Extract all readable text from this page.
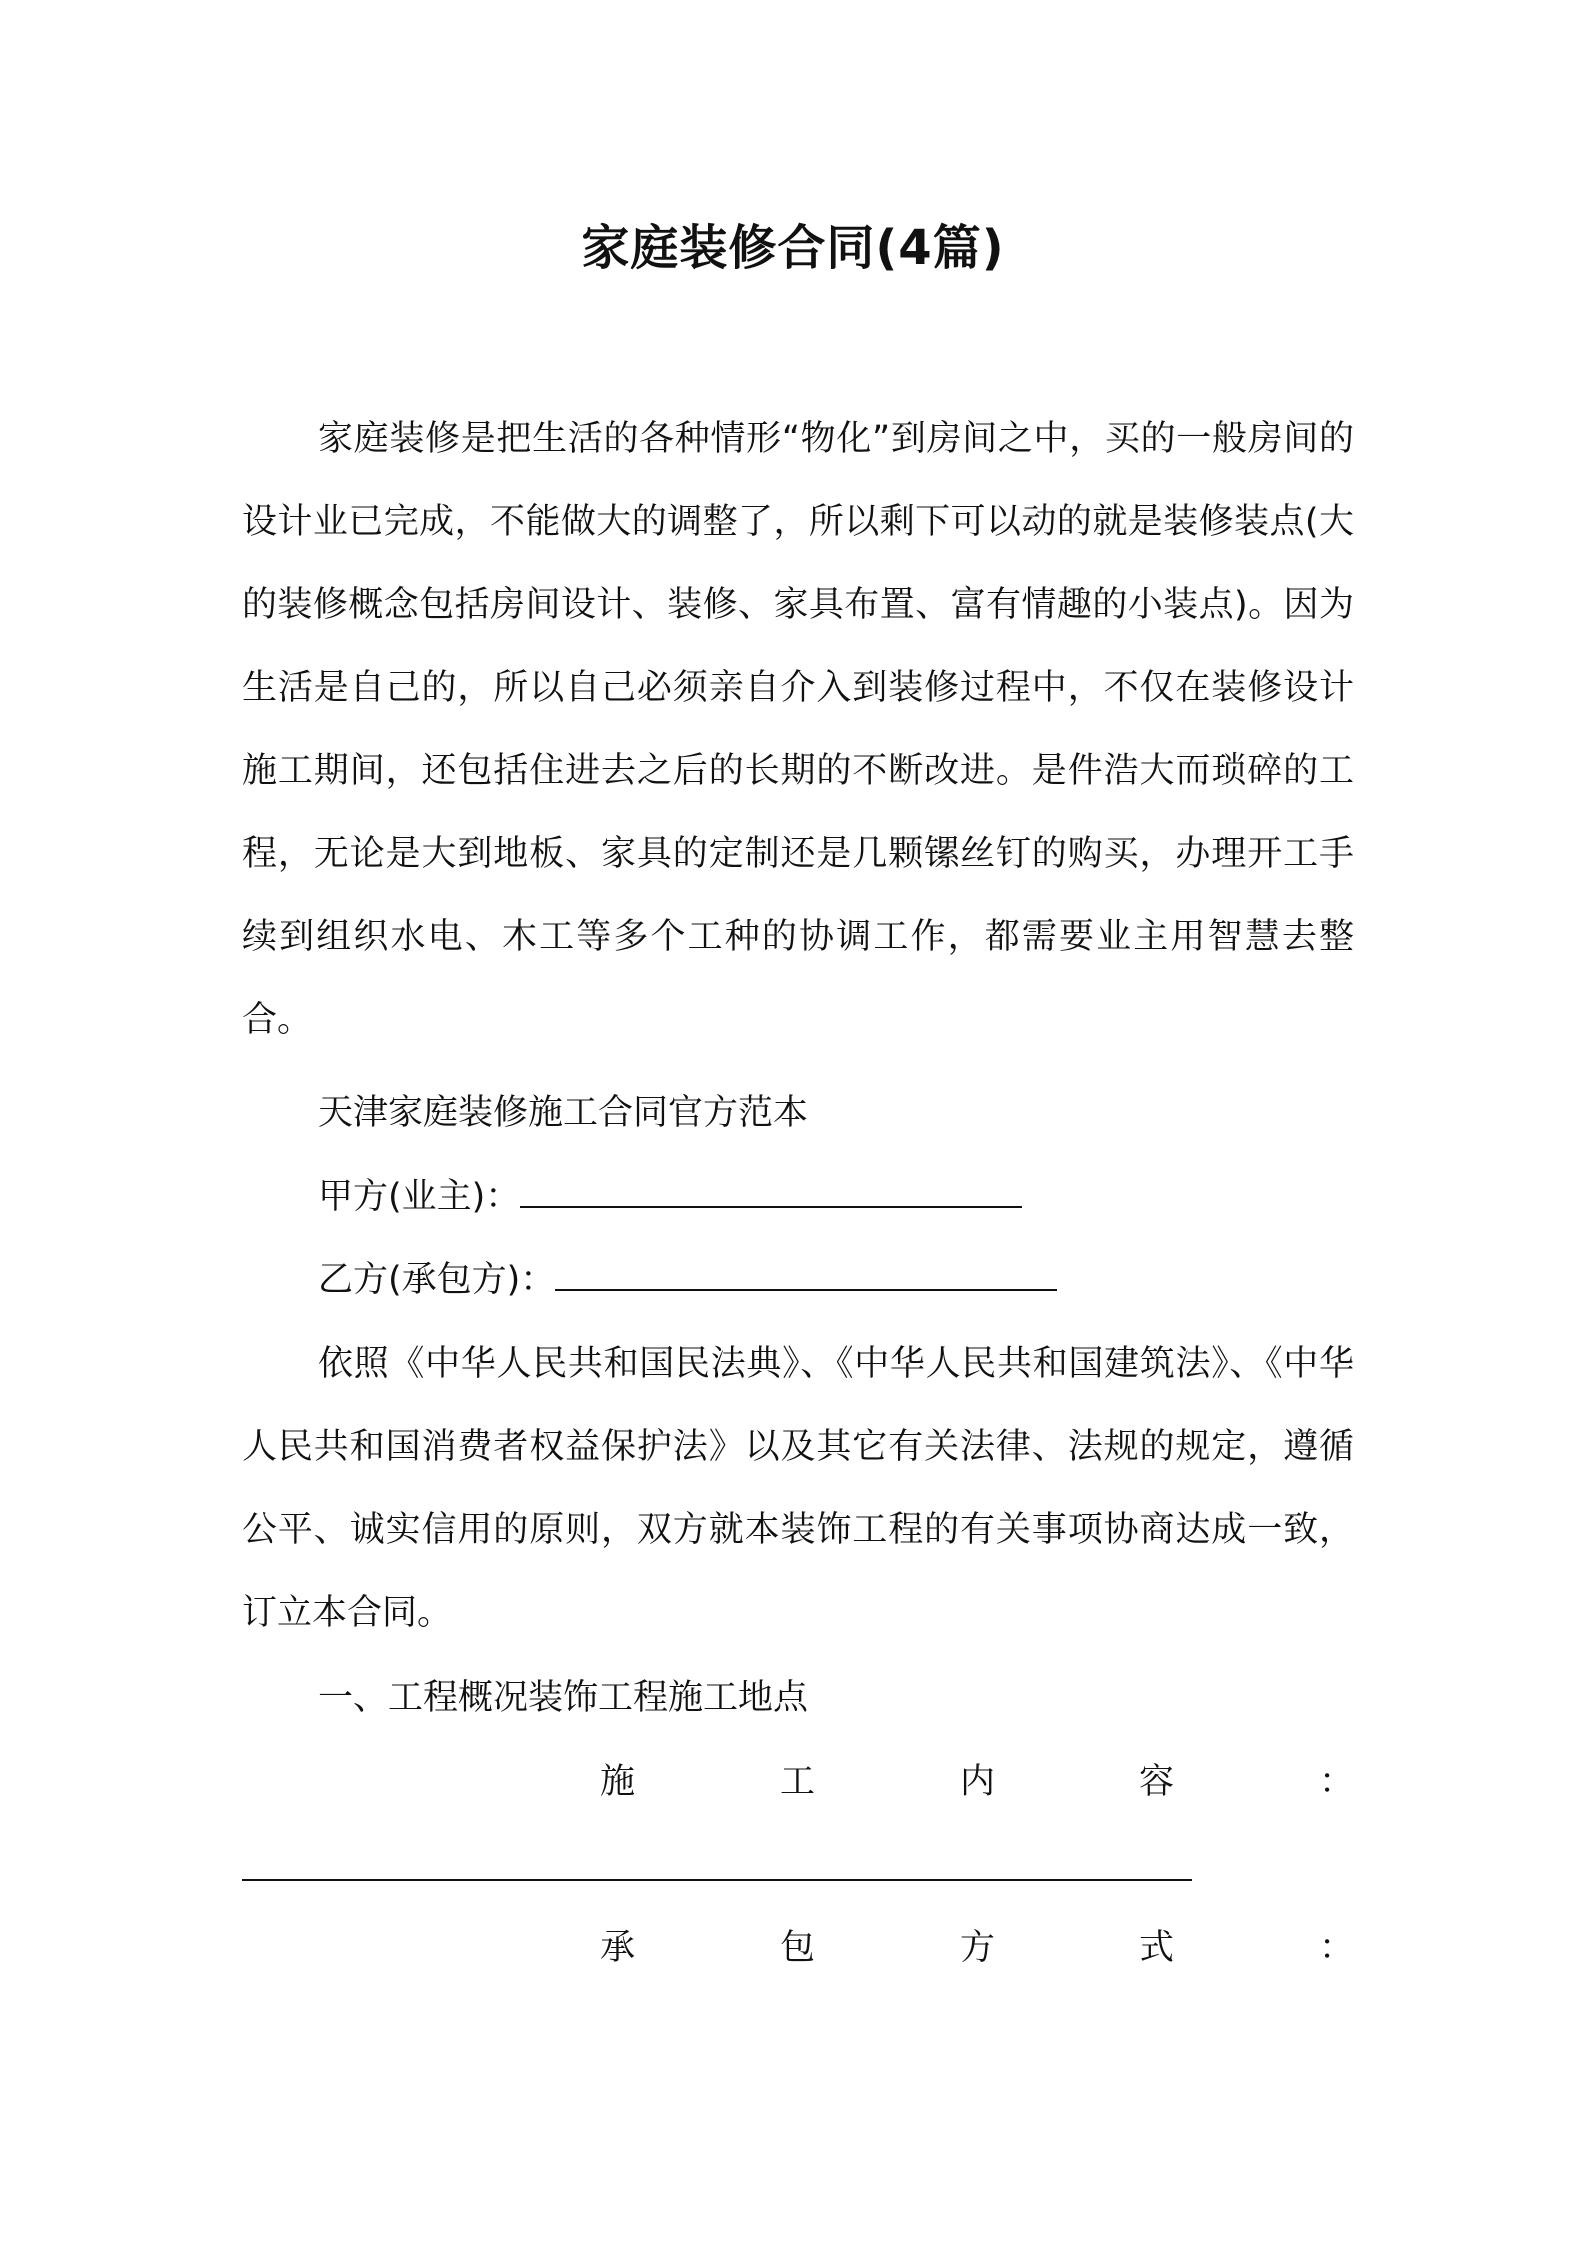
家庭装修合同(4篇)

家庭装修是把生活的各种情形“物化”到房间之中，买的一般房间的设计业已完成，不能做大的调整了，所以剩下可以动的就是装修装点(大的装修概念包括房间设计、装修、家具布置、富有情趣的小装点)。因为生活是自己的，所以自己必须亲自介入到装修过程中，不仅在装修设计施工期间，还包括住进去之后的长期的不断改进。是件浩大而琐碎的工程，无论是大到地板、家具的定制还是几颗镙丝钉的购买，办理开工手续到组织水电、木工等多个工种的协调工作，都需要业主用智慧去整合。

天津家庭装修施工合同官方范本

甲方(业主)：

乙方(承包方)：

依照《中华人民共和国民法典》、《中华人民共和国建筑法》、《中华人民共和国消费者权益保护法》以及其它有关法律、法规的规定，遵循公平、诚实信用的原则，双方就本装饰工程的有关事项协商达成一致，订立本合同。

一、工程概况装饰工程施工地点

施	工	内	容	：
承	包	方	式	：
